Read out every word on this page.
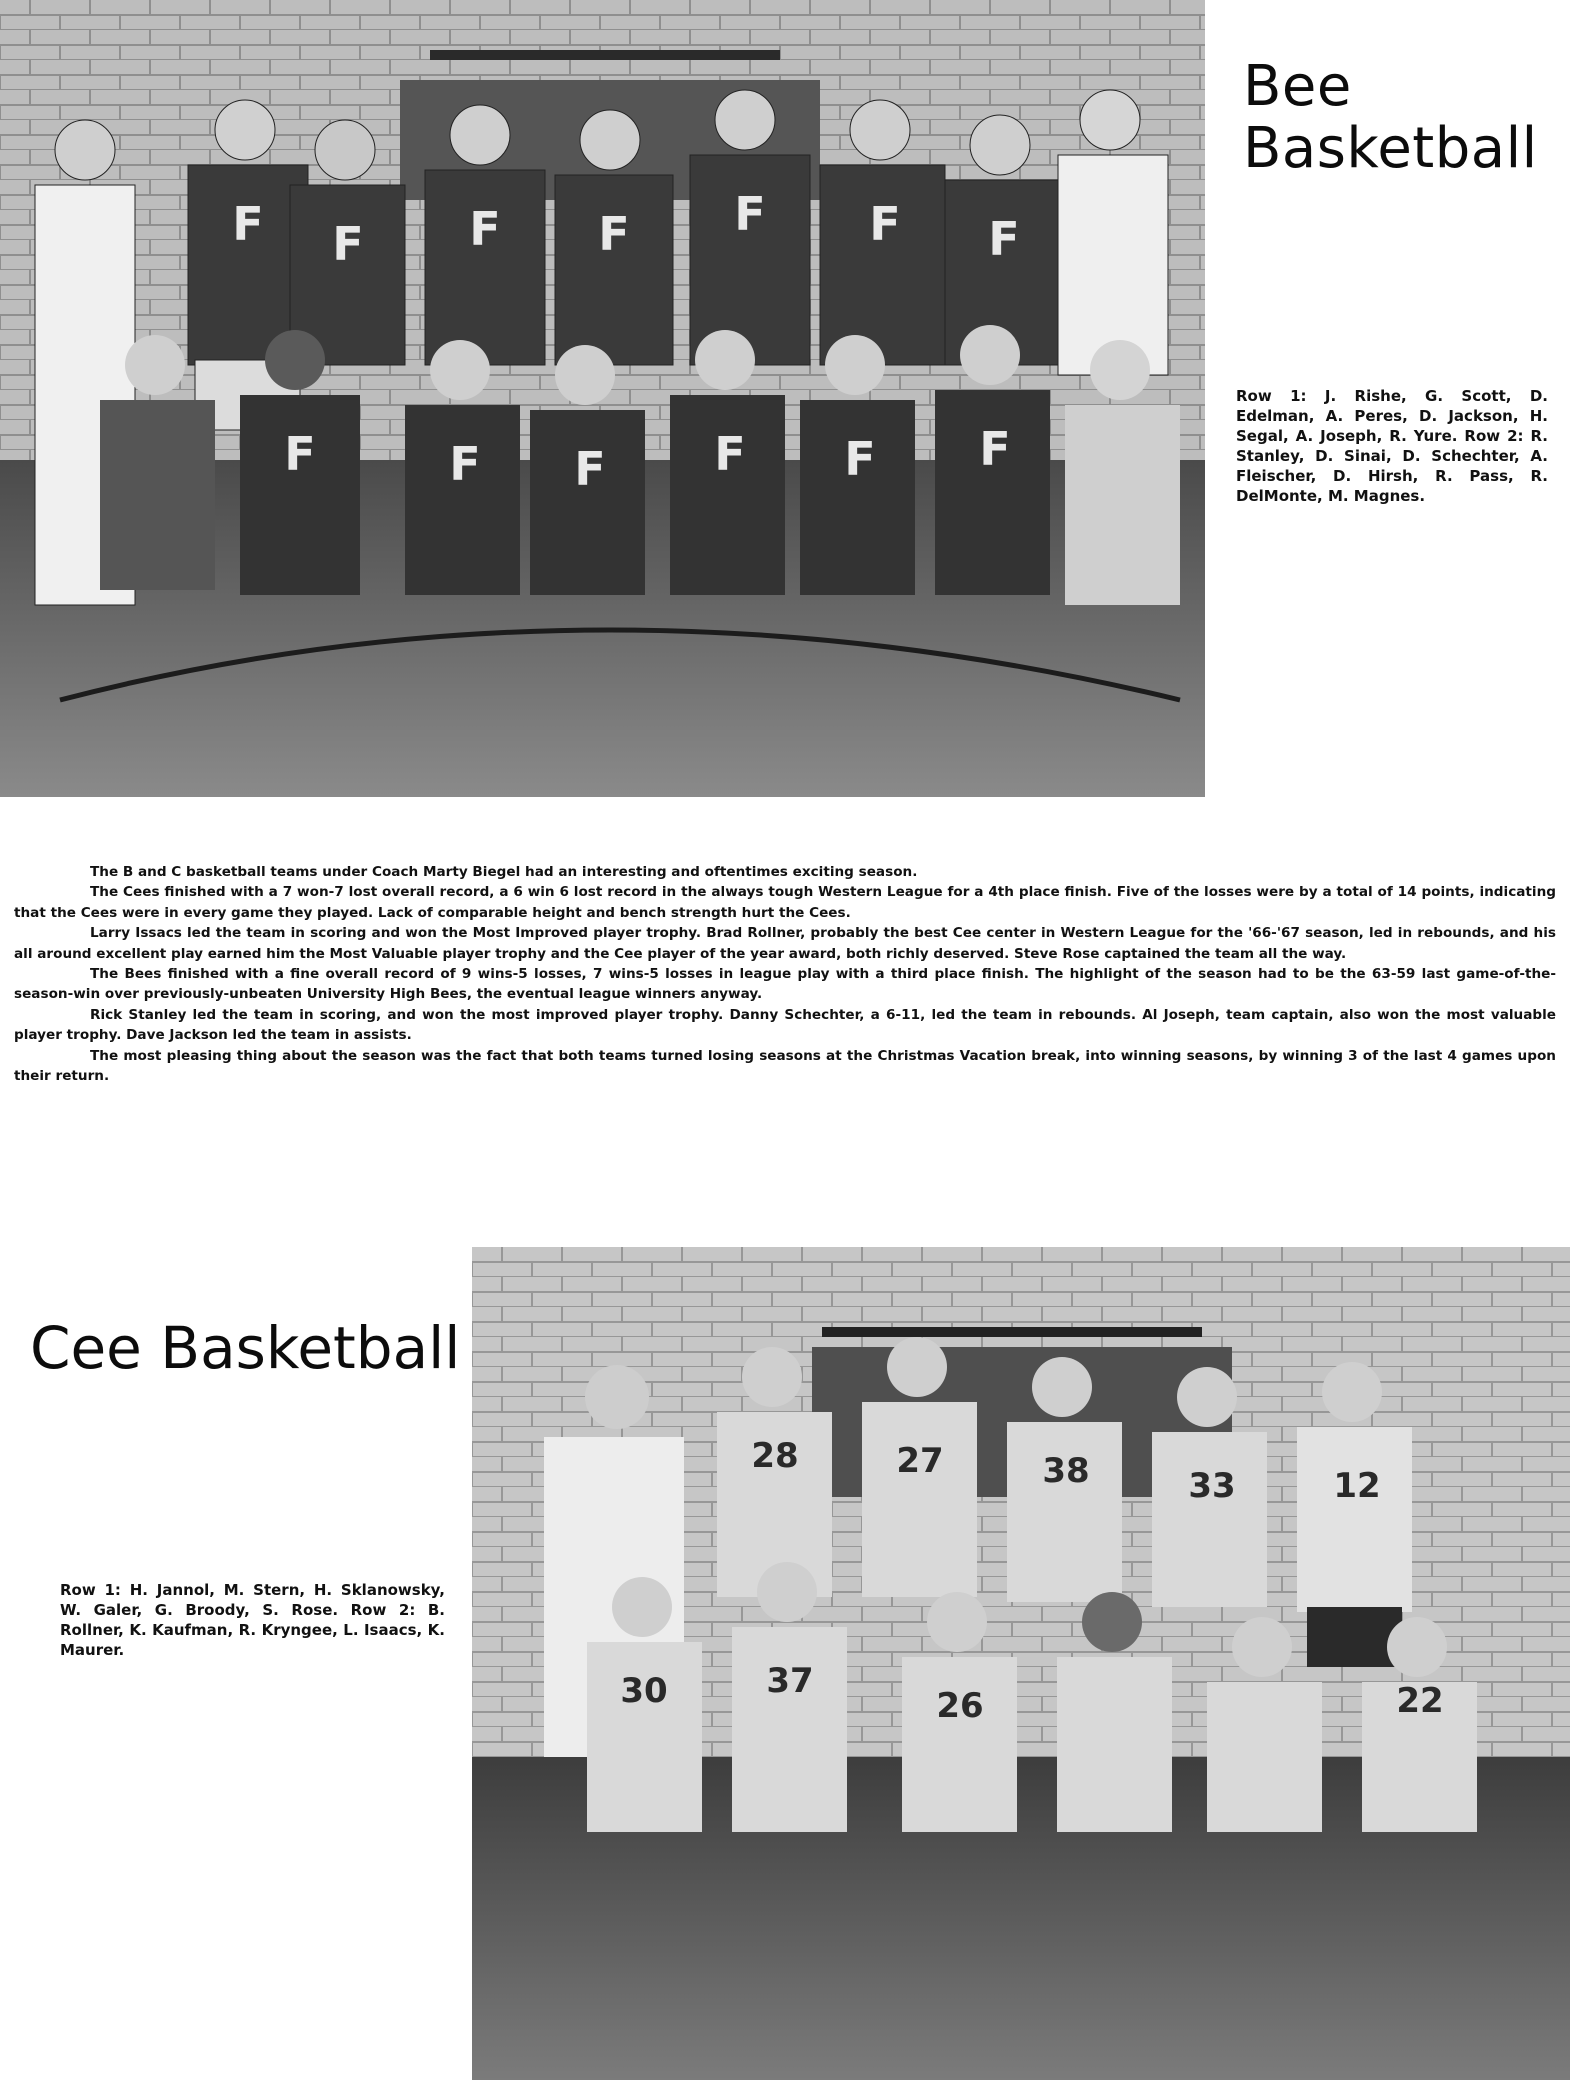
F F F F F F F
F	F F F F F
Bee
Basketball

Row 1: J. Rishe, G. Scott, D. Edelman, A. Peres, D. Jackson, H. Segal, A. Joseph, R. Yure. Row 2: R. Stanley, D. Sinai, D. Schechter, A. Fleischer, D. Hirsh, R. Pass, R. DelMonte, M. Magnes.

The B and C basketball teams under Coach Marty Biegel had an interesting and oftentimes exciting season.

The Cees finished with a 7 won-7 lost overall record, a 6 win 6 lost record in the always tough Western League for a 4th place finish. Five of the losses were by a total of 14 points, indicating that the Cees were in every game they played. Lack of comparable height and bench strength hurt the Cees.

Larry Issacs led the team in scoring and won the Most Improved player trophy. Brad Rollner, probably the best Cee center in Western League for the '66-'67 season, led in rebounds, and his all around excellent play earned him the Most Valuable player trophy and the Cee player of the year award, both richly deserved. Steve Rose captained the team all the way.

The Bees finished with a fine overall record of 9 wins-5 losses, 7 wins-5 losses in league play with a third place finish. The highlight of the season had to be the 63-59 last game-of-the-season-win over previously-unbeaten University High Bees, the eventual league winners anyway.

Rick Stanley led the team in scoring, and won the most improved player trophy. Danny Schechter, a 6-11, led the team in rebounds. Al Joseph, team captain, also won the most valuable player trophy. Dave Jackson led the team in assists.

The most pleasing thing about the season was the fact that both teams turned losing seasons at the Christmas Vacation break, into winning seasons, by winning 3 of the last 4 games upon their return.

Cee Basketball

Row 1: H. Jannol, M. Stern, H. Sklanowsky, W. Galer, G. Broody, S. Rose. Row 2: B. Rollner, K. Kaufman, R. Kryngee, L. Isaacs, K. Maurer.

28	27	38	33	12
30	37
26	22
